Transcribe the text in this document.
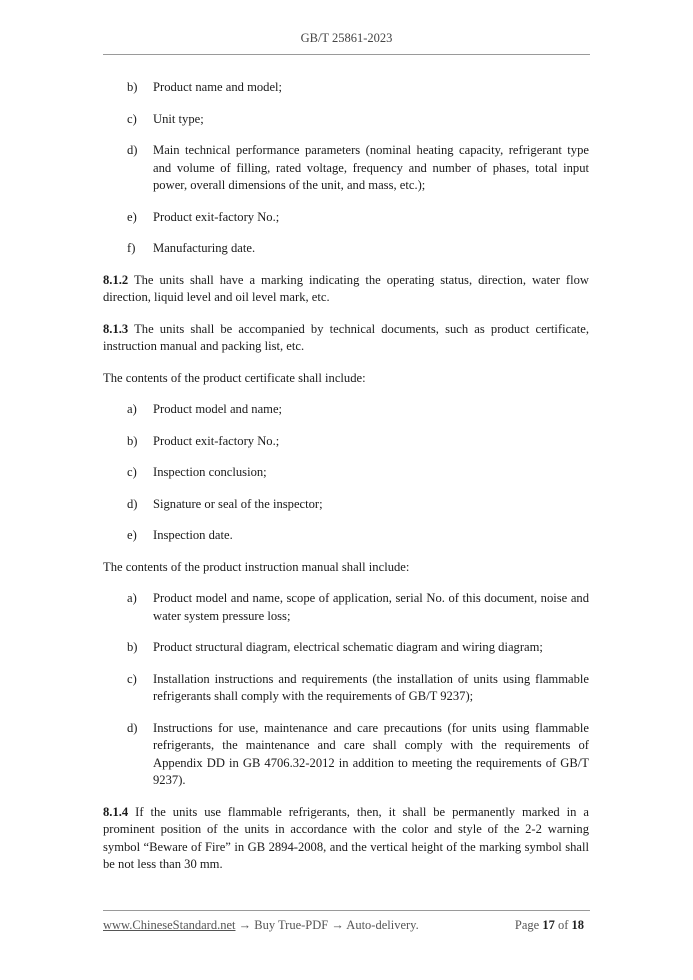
GB/T 25861-2023
b) Product name and model;
c) Unit type;
d) Main technical performance parameters (nominal heating capacity, refrigerant type and volume of filling, rated voltage, frequency and number of phases, total input power, overall dimensions of the unit, and mass, etc.);
e) Product exit-factory No.;
f) Manufacturing date.

8.1.2 The units shall have a marking indicating the operating status, direction, water flow direction, liquid level and oil level mark, etc.

8.1.3 The units shall be accompanied by technical documents, such as product certificate, instruction manual and packing list, etc.

The contents of the product certificate shall include:

a) Product model and name;
b) Product exit-factory No.;
c) Inspection conclusion;
d) Signature or seal of the inspector;
e) Inspection date.

The contents of the product instruction manual shall include:

a) Product model and name, scope of application, serial No. of this document, noise and water system pressure loss;
b) Product structural diagram, electrical schematic diagram and wiring diagram;
c) Installation instructions and requirements (the installation of units using flammable refrigerants shall comply with the requirements of GB/T 9237);
d) Instructions for use, maintenance and care precautions (for units using flammable refrigerants, the maintenance and care shall comply with the requirements of Appendix DD in GB 4706.32-2012 in addition to meeting the requirements of GB/T 9237).

8.1.4 If the units use flammable refrigerants, then, it shall be permanently marked in a prominent position of the units in accordance with the color and style of the 2-2 warning symbol “Beware of Fire” in GB 2894-2008, and the vertical height of the marking symbol shall be not less than 30 mm.

www.ChineseStandard.net → Buy True-PDF → Auto-delivery.	Page 17 of 18
